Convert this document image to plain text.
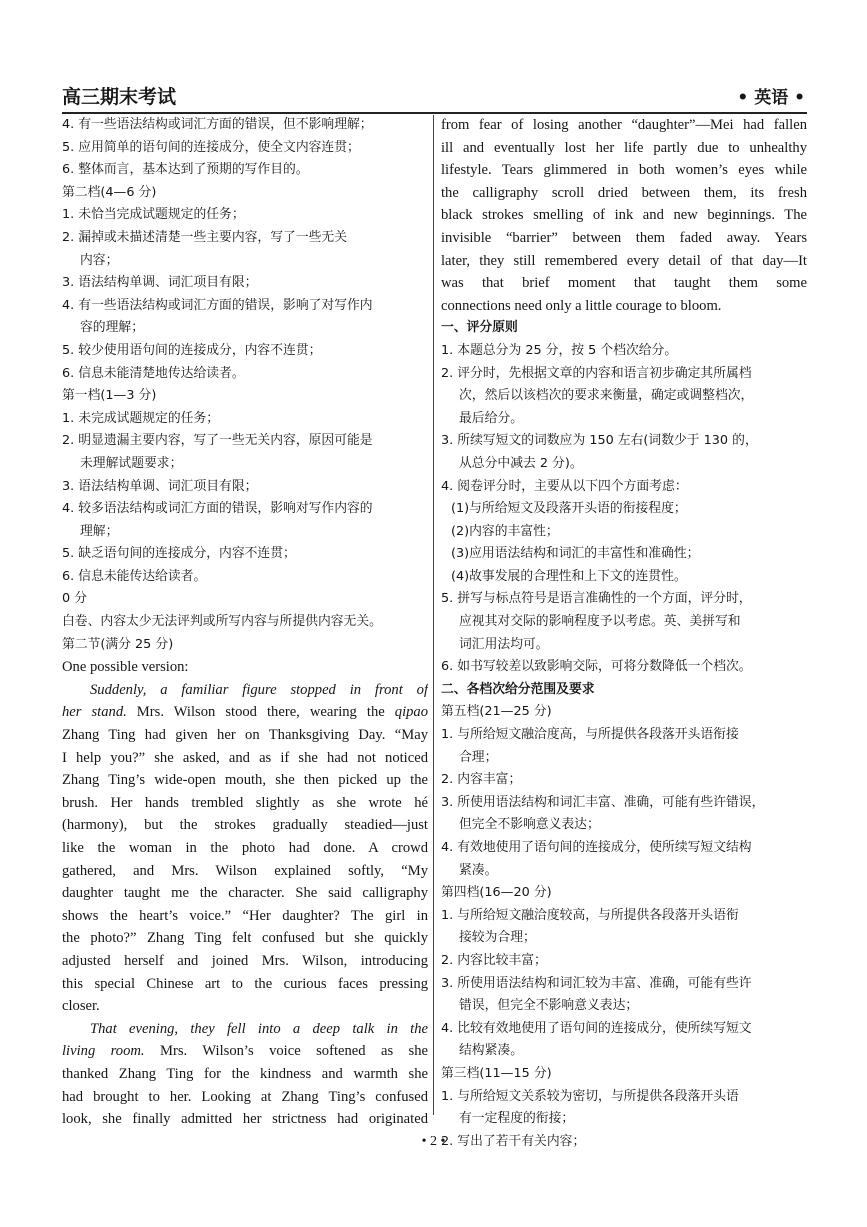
高三期末考试	• 英语 •
4. 有一些语法结构或词汇方面的错误，但不影响理解；
5. 应用简单的语句间的连接成分，使全文内容连贯；
6. 整体而言，基本达到了预期的写作目的。
第二档(4—6 分)
1. 未恰当完成试题规定的任务；
2. 漏掉或未描述清楚一些主要内容，写了一些无关
内容；
3. 语法结构单调、词汇项目有限；
4. 有一些语法结构或词汇方面的错误，影响了对写作内
容的理解；
5. 较少使用语句间的连接成分，内容不连贯；
6. 信息未能清楚地传达给读者。
第一档(1—3 分)
1. 未完成试题规定的任务；
2. 明显遗漏主要内容，写了一些无关内容，原因可能是
未理解试题要求；
3. 语法结构单调、词汇项目有限；
4. 较多语法结构或词汇方面的错误，影响对写作内容的
理解；
5. 缺乏语句间的连接成分，内容不连贯；
6. 信息未能传达给读者。
0 分
白卷、内容太少无法评判或所写内容与所提供内容无关。
第二节(满分 25 分)
One possible version:
Suddenly, a familiar figure stopped in front of
her stand. Mrs. Wilson stood there, wearing the qipao
Zhang Ting had given her on Thanksgiving Day. “May
I help you?” she asked, and as if she had not noticed
Zhang Ting’s wide-open mouth, she then picked up the
brush. Her hands trembled slightly as she wrote hé
(harmony), but the strokes gradually steadied—just
like the woman in the photo had done. A crowd
gathered, and Mrs. Wilson explained softly, “My
daughter taught me the character. She said calligraphy
shows the heart’s voice.” “Her daughter? The girl in
the photo?” Zhang Ting felt confused but she quickly
adjusted herself and joined Mrs. Wilson, introducing
this special Chinese art to the curious faces pressing
closer.
That evening, they fell into a deep talk in the
living room. Mrs. Wilson’s voice softened as she
thanked Zhang Ting for the kindness and warmth she
had brought to her. Looking at Zhang Ting’s confused
look, she finally admitted her strictness had originated
from fear of losing another “daughter”—Mei had fallen
ill and eventually lost her life partly due to unhealthy
lifestyle. Tears glimmered in both women’s eyes while
the calligraphy scroll dried between them, its fresh
black strokes smelling of ink and new beginnings. The
invisible “barrier” between them faded away. Years
later, they still remembered every detail of that day—It
was that brief moment that taught them some
connections need only a little courage to bloom.
一、评分原则
1. 本题总分为 25 分，按 5 个档次给分。
2. 评分时，先根据文章的内容和语言初步确定其所属档
次，然后以该档次的要求来衡量，确定或调整档次，
最后给分。
3. 所续写短文的词数应为 150 左右(词数少于 130 的，
从总分中减去 2 分)。
4. 阅卷评分时，主要从以下四个方面考虑：
(1)与所给短文及段落开头语的衔接程度；
(2)内容的丰富性；
(3)应用语法结构和词汇的丰富性和准确性；
(4)故事发展的合理性和上下文的连贯性。
5. 拼写与标点符号是语言准确性的一个方面，评分时，
应视其对交际的影响程度予以考虑。英、美拼写和
词汇用法均可。
6. 如书写较差以致影响交际，可将分数降低一个档次。
二、各档次给分范围及要求
第五档(21—25 分)
1. 与所给短文融洽度高，与所提供各段落开头语衔接
合理；
2. 内容丰富；
3. 所使用语法结构和词汇丰富、准确，可能有些许错误，
但完全不影响意义表达；
4. 有效地使用了语句间的连接成分，使所续写短文结构
紧凑。
第四档(16—20 分)
1. 与所给短文融洽度较高，与所提供各段落开头语衔
接较为合理；
2. 内容比较丰富；
3. 所使用语法结构和词汇较为丰富、准确，可能有些许
错误，但完全不影响意义表达；
4. 比较有效地使用了语句间的连接成分，使所续写短文
结构紧凑。
第三档(11—15 分)
1. 与所给短文关系较为密切，与所提供各段落开头语
有一定程度的衔接；
2. 写出了若干有关内容；
• 2 •
